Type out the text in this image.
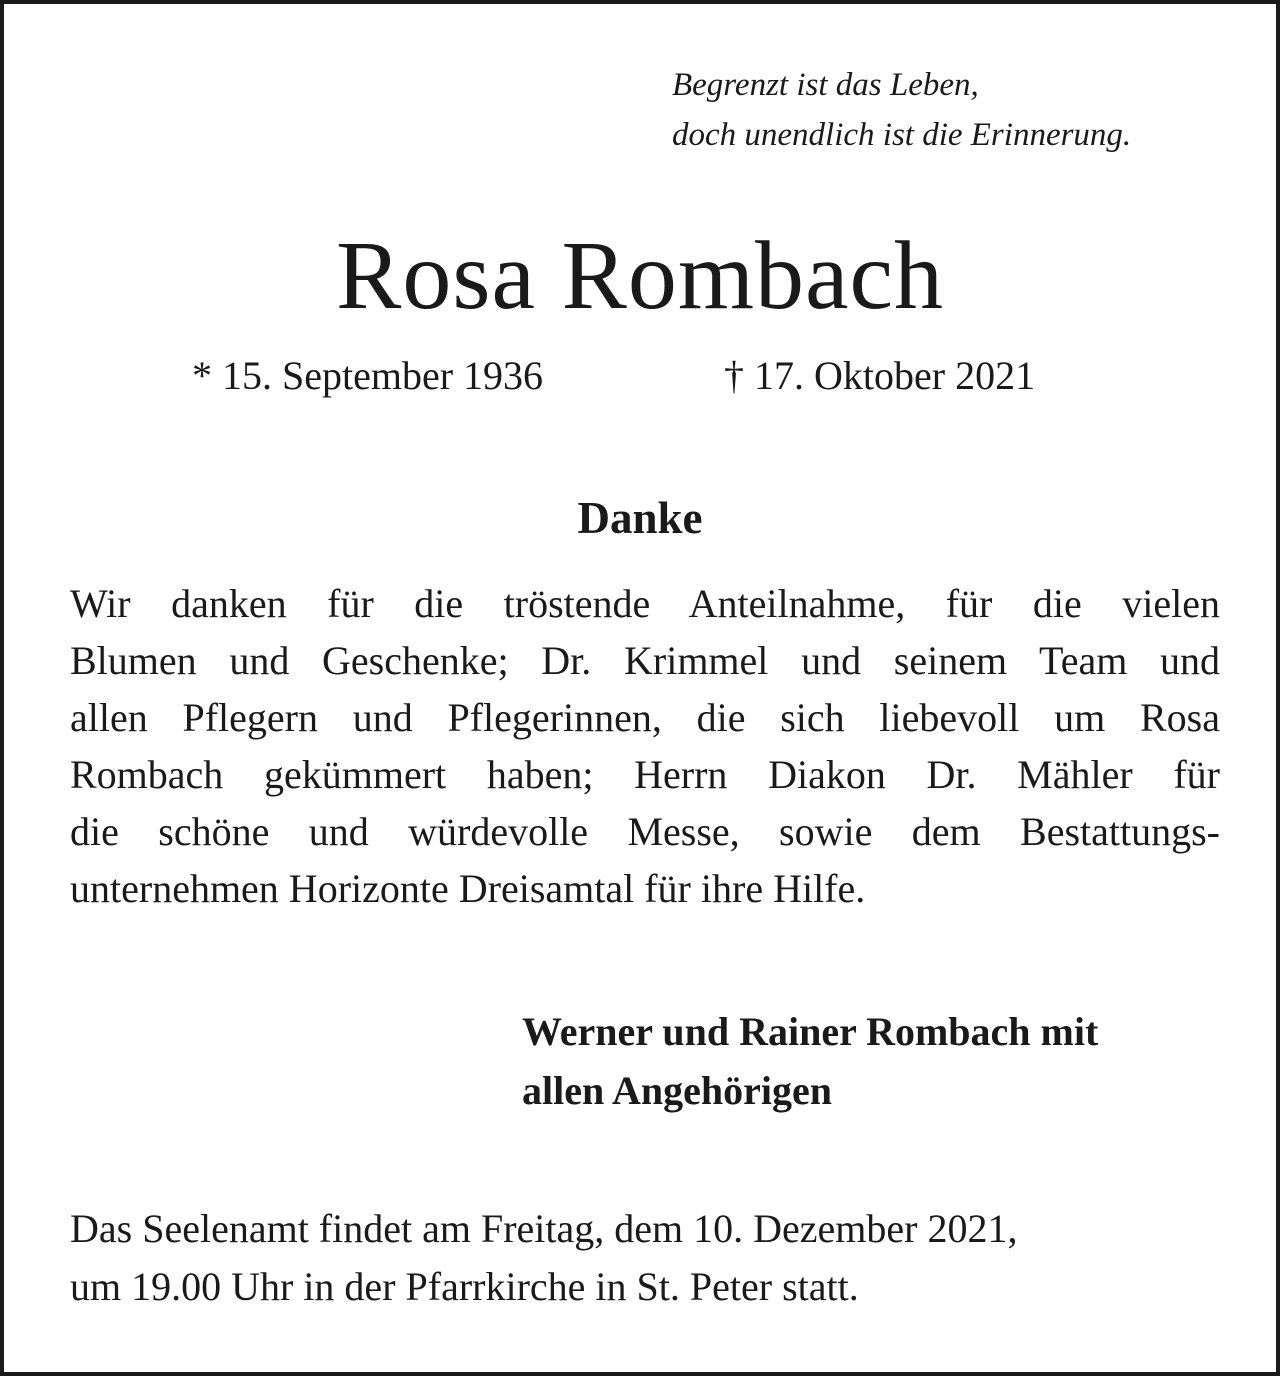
Begrenzt ist das Leben,
doch unendlich ist die Erinnerung.
Rosa Rombach
* 15. September 1936	† 17. Oktober 2021
Danke
Wir danken für die tröstende Anteilnahme, für die vielen
Blumen und Geschenke; Dr. Krimmel und seinem Team und
allen Pflegern und Pflegerinnen, die sich liebevoll um Rosa
Rombach gekümmert haben; Herrn Diakon Dr. Mähler für
die schöne und würdevolle Messe, sowie dem Bestattungs-
unternehmen Horizonte Dreisamtal für ihre Hilfe.
Werner und Rainer Rombach mit
allen Angehörigen
Das Seelenamt findet am Freitag, dem 10. Dezember 2021,
um 19.00 Uhr in der Pfarrkirche in St. Peter statt.
